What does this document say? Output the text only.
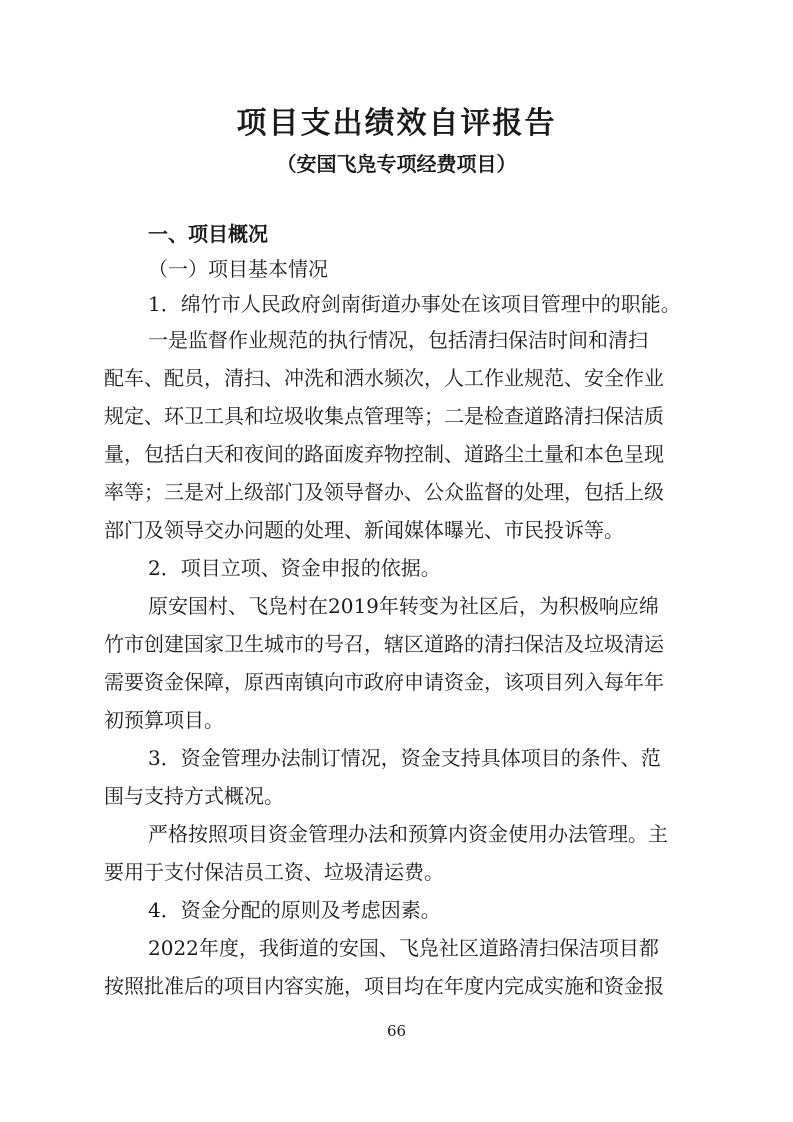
项目支出绩效自评报告
（安国飞凫专项经费项目）
一、项目概况
（一）项目基本情况
1．绵竹市人民政府剑南街道办事处在该项目管理中的职能。
一是监督作业规范的执行情况，包括清扫保洁时间和清扫
配车、配员，清扫、冲洗和洒水频次，人工作业规范、安全作业
规定、环卫工具和垃圾收集点管理等；二是检查道路清扫保洁质
量，包括白天和夜间的路面废弃物控制、道路尘土量和本色呈现
率等；三是对上级部门及领导督办、公众监督的处理，包括上级
部门及领导交办问题的处理、新闻媒体曝光、市民投诉等。
2．项目立项、资金申报的依据。
原安国村、飞凫村在2019年转变为社区后，为积极响应绵
竹市创建国家卫生城市的号召，辖区道路的清扫保洁及垃圾清运
需要资金保障，原西南镇向市政府申请资金，该项目列入每年年
初预算项目。
3．资金管理办法制订情况，资金支持具体项目的条件、范
围与支持方式概况。
严格按照项目资金管理办法和预算内资金使用办法管理。主
要用于支付保洁员工资、垃圾清运费。
4．资金分配的原则及考虑因素。
2022年度，我街道的安国、飞凫社区道路清扫保洁项目都
按照批准后的项目内容实施，项目均在年度内完成实施和资金报
66
